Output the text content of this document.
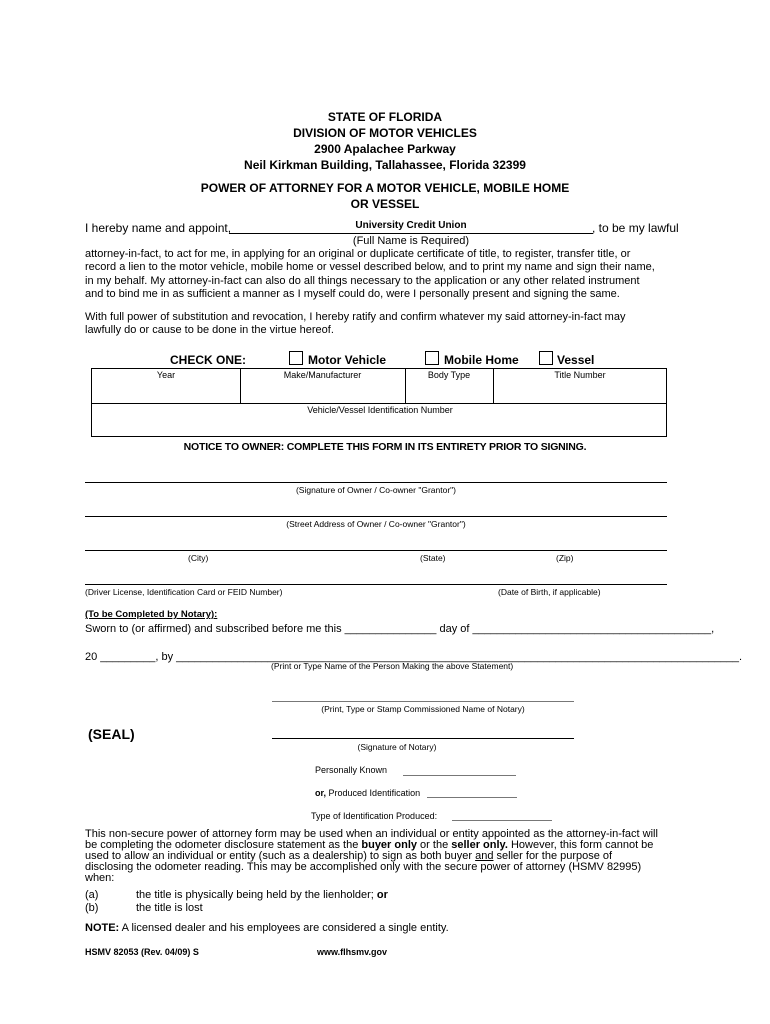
STATE OF FLORIDA
DIVISION OF MOTOR VEHICLES
2900 Apalachee Parkway
Neil Kirkman Building, Tallahassee, Florida 32399
POWER OF ATTORNEY FOR A MOTOR VEHICLE, MOBILE HOME
OR VESSEL
I hereby name and appoint,	University Credit Union	, to be my lawful
(Full Name is Required)
attorney-in-fact, to act for me, in applying for an original or duplicate certificate of title, to register, transfer title, or
record a lien to the motor vehicle, mobile home or vessel described below, and to print my name and sign their name,
in my behalf. My attorney-in-fact can also do all things necessary to the application or any other related instrument
and to bind me in as sufficient a manner as I myself could do, were I personally present and signing the same.
With full power of substitution and revocation, I hereby ratify and confirm whatever my said attorney-in-fact may
lawfully do or cause to be done in the virtue hereof.
CHECK ONE:	Motor Vehicle	Mobile Home	Vessel
Year	Make/Manufacturer	Body Type	Title Number
Vehicle/Vessel Identification Number
NOTICE TO OWNER: COMPLETE THIS FORM IN ITS ENTIRETY PRIOR TO SIGNING.
(Signature of Owner / Co-owner "Grantor")
(Street Address of Owner / Co-owner "Grantor")
(City)	(State)	(Zip)
(Driver License, Identification Card or FEID Number)	(Date of Birth, if applicable)
(To be Completed by Notary):
Sworn to (or affirmed) and subscribed before me this _______________ day of _______________________________________,
20 _________, by ____________________________________________________________________________________________.
(Print or Type Name of the Person Making the above Statement)
(Print, Type or Stamp Commissioned Name of Notary)
(SEAL)
(Signature of Notary)
Personally Known
or, Produced Identification
Type of Identification Produced:
This non-secure power of attorney form may be used when an individual or entity appointed as the attorney-in-fact will
be completing the odometer disclosure statement as the buyer only or the seller only. However, this form cannot be
used to allow an individual or entity (such as a dealership) to sign as both buyer and seller for the purpose of
disclosing the odometer reading. This may be accomplished only with the secure power of attorney (HSMV 82995)
when:
(a)	the title is physically being held by the lienholder; or
(b)	the title is lost
NOTE: A licensed dealer and his employees are considered a single entity.
HSMV 82053 (Rev. 04/09) S	www.flhsmv.gov
